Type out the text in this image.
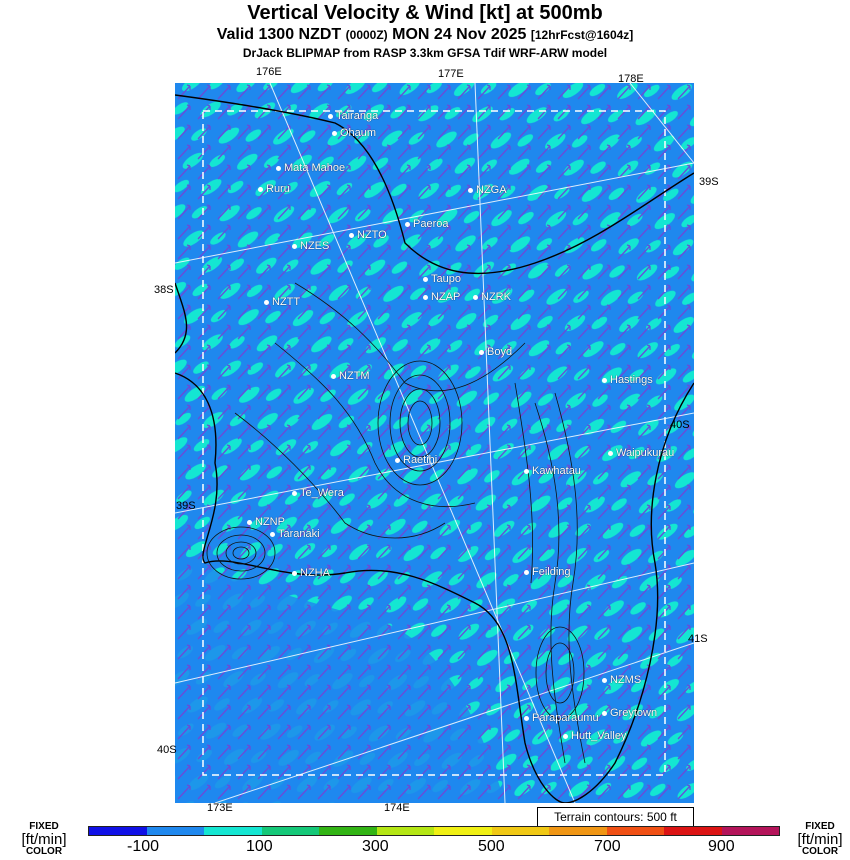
Vertical Velocity & Wind [kt] at 500mb
Valid 1300 NZDT (0000Z) MON 24 Nov 2025 [12hrFcst@1604z]
DrJack BLIPMAP from RASP 3.3km GFSA Tdif WRF-ARW model
176E	177E	178E
173E	174E
39S
38S
40S
39S
41S
40S
Tairanga
Ohaum
Mata Mahoe
Ruru	NZGA
Paeroa
NZTO
NZES
Taupo
NZAP	NZRK
NZTT
Boyd
NZTM	Hastings
Waipukurau
Raetihi
Kawhatau
Te_Wera
NZNP
Taranaki
Feilding
NZHA
NZMS
Greytown
Paraparaumu
Hutt_Valley
Terrain contours: 500 ft
FIXED
[ft/min]
COLOR
FIXED
[ft/min]
COLOR
-100	100	300	500	700	900
